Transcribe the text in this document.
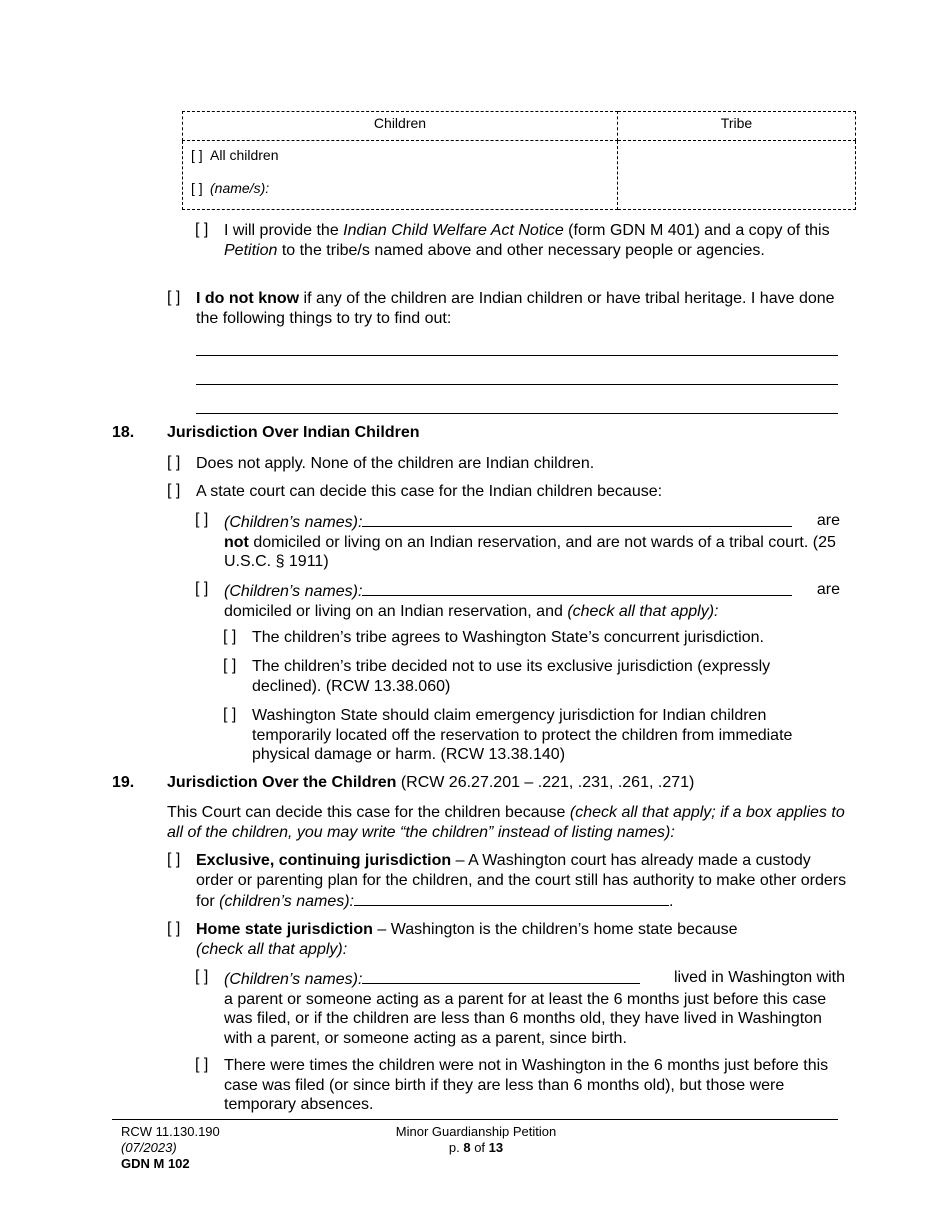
Children	Tribe

[ ] All children
[ ] (name/s):	

[ ] I will provide the Indian Child Welfare Act Notice (form GDN M 401) and a copy of this Petition to the tribe/s named above and other necessary people or agencies.
[ ] I do not know if any of the children are Indian children or have tribal heritage. I have done the following things to try to find out:
18. Jurisdiction Over Indian Children
[ ] Does not apply. None of the children are Indian children.
[ ] A state court can decide this case for the Indian children because:
[ ] (Children’s names):	are

not domiciled or living on an Indian reservation, and are not wards of a tribal court. (25 U.S.C. § 1911)
[ ] (Children’s names):	are

domiciled or living on an Indian reservation, and (check all that apply):
[ ] The children’s tribe agrees to Washington State’s concurrent jurisdiction.
[ ] The children’s tribe decided not to use its exclusive jurisdiction (expressly declined). (RCW 13.38.060)
[ ] Washington State should claim emergency jurisdiction for Indian children temporarily located off the reservation to protect the children from immediate physical damage or harm. (RCW 13.38.140)
19. Jurisdiction Over the Children (RCW 26.27.201 – .221, .231, .261, .271)
This Court can decide this case for the children because (check all that apply; if a box applies to all of the children, you may write “the children” instead of listing names):
[ ] Exclusive, continuing jurisdiction – A Washington court has already made a custody order or parenting plan for the children, and the court still has authority to make other orders for (children’s names):	.
[ ] Home state jurisdiction – Washington is the children’s home state because
(check all that apply):
[ ] (Children’s names):	lived in Washington with

a parent or someone acting as a parent for at least the 6 months just before this case was filed, or if the children are less than 6 months old, they have lived in Washington with a parent, or someone acting as a parent, since birth.
[ ] There were times the children were not in Washington in the 6 months just before this case was filed (or since birth if they are less than 6 months old), but those were temporary absences.
RCW 11.130.190
(07/2023)
GDN M 102
Minor Guardianship Petition
p. 8 of 13
